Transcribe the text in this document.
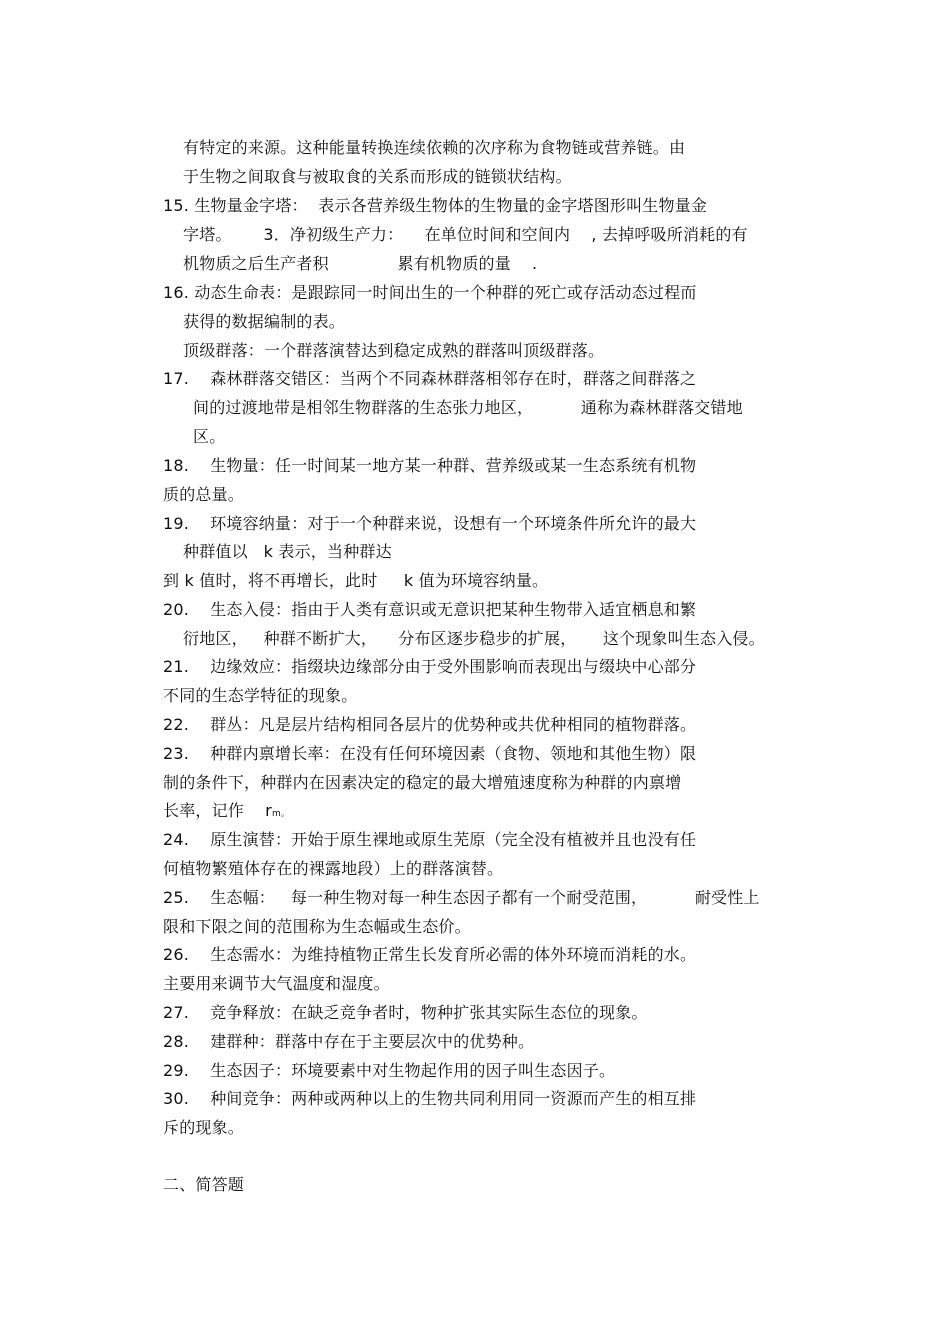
有特定的来源。这种能量转换连续依赖的次序称为食物链或营养链。由
于生物之间取食与被取食的关系而形成的链锁状结构。
15. 生物量金字塔：  表示各营养级生物体的生物量的金字塔图形叫生物量金
字塔。      3．净初级生产力：    在单位时间和空间内    , 去掉呼吸所消耗的有
机物质之后生产者积             累有机物质的量    .
16. 动态生命表：是跟踪同一时间出生的一个种群的死亡或存活动态过程而
获得的数据编制的表。
顶级群落：一个群落演替达到稳定成熟的群落叫顶级群落。
17.    森林群落交错区：当两个不同森林群落相邻存在时，群落之间群落之
间的过渡地带是相邻生物群落的生态张力地区，         通称为森林群落交错地
区。
18.    生物量：任一时间某一地方某一种群、营养级或某一生态系统有机物
质的总量。
19.    环境容纳量：对于一个种群来说，设想有一个环境条件所允许的最大
种群值以   k 表示，当种群达
到 k 值时，将不再增长，此时     k 值为环境容纳量。
20.    生态入侵：指由于人类有意识或无意识把某种生物带入适宜栖息和繁
衍地区，   种群不断扩大，    分布区逐步稳步的扩展，     这个现象叫生态入侵。
21.    边缘效应：指缀块边缘部分由于受外围影响而表现出与缀块中心部分
不同的生态学特征的现象。
22.    群丛：凡是层片结构相同各层片的优势种或共优种相同的植物群落。
23.    种群内禀增长率：在没有任何环境因素（食物、领地和其他生物）限
制的条件下，种群内在因素决定的稳定的最大增殖速度称为种群的内禀增
长率，记作    rm。
24.    原生演替：开始于原生裸地或原生芜原（完全没有植被并且也没有任
何植物繁殖体存在的裸露地段）上的群落演替。
25.    生态幅：   每一种生物对每一种生态因子都有一个耐受范围，         耐受性上
限和下限之间的范围称为生态幅或生态价。
26.    生态需水：为维持植物正常生长发育所必需的体外环境而消耗的水。
主要用来调节大气温度和湿度。
27.    竞争释放：在缺乏竞争者时，物种扩张其实际生态位的现象。
28.    建群种：群落中存在于主要层次中的优势种。
29.    生态因子：环境要素中对生物起作用的因子叫生态因子。
30.    种间竞争：两种或两种以上的生物共同利用同一资源而产生的相互排
斥的现象。
二、简答题
